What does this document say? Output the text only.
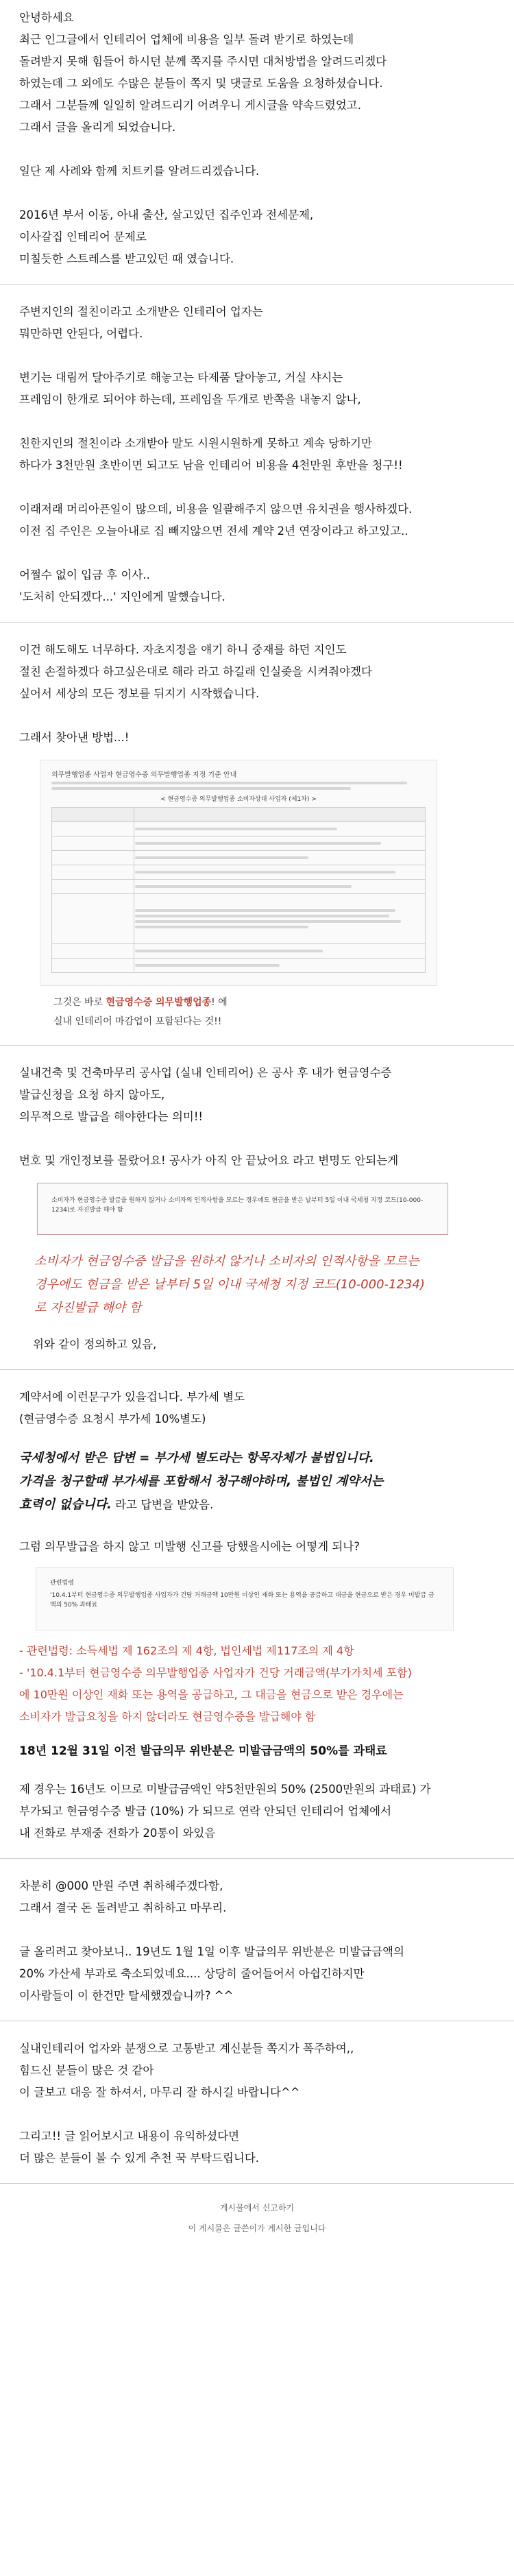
안녕하세요

최근 인그글에서 인테리어 업체에 비용을 일부 돌려 받기로 하였는데

돌려받지 못해 힘들어 하시던 분께 쪽지를 주시면 대처방법을 알려드리겠다

하였는데 그 외에도 수많은 분들이 쪽지 및 댓글로 도움을 요청하셨습니다.

그래서 그분들께 일일히 알려드리기 어려우니 게시글을 약속드렸었고.

그래서 글을 올리게 되었습니다.

일단 제 사례와 함께 치트키를 알려드리겠습니다.

2016년 부서 이동, 아내 출산, 살고있던 집주인과 전세문제,

이사갈집 인테리어 문제로

미칠듯한 스트레스를 받고있던 때 였습니다.

주변지인의 절친이라고 소개받은 인테리어 업자는

뭐만하면 안된다, 어렵다.

변기는 대림꺼 달아주기로 해놓고는 타제품 달아놓고, 거실 샤시는

프레임이 한개로 되어야 하는데, 프레임을 두개로 반쪽을 내놓지 않나,

친한지인의 절친이라 소개받아 말도 시원시원하게 못하고 계속 당하기만

하다가 3천만원 초반이면 되고도 남을 인테리어 비용을 4천만원 후반을 청구!!

이래저래 머리아픈일이 많으데, 비용을 일괄해주지 않으면 유치권을 행사하겠다.

이전 집 주인은 오늘아내로 집 빼지않으면 전세 계약 2년 연장이라고 하고있고..

어쩔수 없이 입금 후 이사..

'도처히 안되겠다...' 지인에게 말했습니다.

이건 해도해도 너무하다. 자초지정을 얘기 하니 중재를 하던 지인도

절친 손절하겠다 하고싶은대로 해라 라고 하길래 인실좆을 시켜줘야겠다

싶어서 세상의 모든 정보를 뒤지기 시작했습니다.

그래서 찾아낸 방법...!

의무발행업종 사업자 현금영수증 의무발행업종 지정 기준 안내
< 현금영수증 의무발행업종 소비자상대 사업자 (제1차) >

그것은 바로 현금영수증 의무발행업종! 에

실내 인테리어 마감업이 포함된다는 것!!

실내건축 및 건축마무리 공사업 (실내 인테리어) 은 공사 후 내가 현금영수증

발급신청을 요청 하지 않아도,

의무적으로 발급을 해야한다는 의미!!

번호 및 개인정보를 몰랐어요! 공사가 아직 안 끝났어요 라고 변명도 안되는게

소비자가 현금영수증 발급을 원하지 않거나 소비자의 인적사항을 모르는 경우에도 현금을 받은 날부터 5일 이내 국세청 지정 코드(10-000-1234)로 자진발급 해야 함

소비자가 현금영수증 발급을 원하지 않거나 소비자의 인적사항을 모르는

경우에도 현금을 받은 날부터 5일 이내 국세청 지정 코드(10-000-1234)

로 자진발급 해야 함

위와 같이 정의하고 있음,

계약서에 이런문구가 있을겁니다. 부가세 별도

(현금영수증 요청시 부가세 10%별도)

국세청에서 받은 답변 = 부가세 별도라는 항목자체가 불법입니다.

가격을 청구할때 부가세를 포함해서 청구해야하며, 불법인 계약서는

효력이 없습니다. 라고 답변을 받았음.

그럼 의무발급을 하지 않고 미발행 신고를 당했을시에는 어떻게 되나?

관련법령
'10.4.1부터 현금영수증 의무발행업종 사업자가 건당 거래금액 10만원 이상인 재화 또는 용역을 공급하고 대금을 현금으로 받은 경우 미발급 금액의 50% 과태료

- 관련법령: 소득세법 제 162조의 제 4항, 법인세법 제117조의 제 4항

- '10.4.1부터 현금영수증 의무발행업종 사업자가 건당 거래금액(부가가치세 포함)

에 10만원 이상인 재화 또는 용역을 공급하고, 그 대금을 현금으로 받은 경우에는

소비자가 발급요청을 하지 않더라도 현금영수증을 발급해야 함

18년 12월 31일 이전 발급의무 위반분은 미발급금액의 50%를 과태료

제 경우는 16년도 이므로 미발급금액인 약5천만원의 50% (2500만원의 과태료) 가

부가되고 현금영수증 발급 (10%) 가 되므로 연락 안되던 인테리어 업체에서

내 전화로 부재중 전화가 20통이 와있음

차분히 @000 만원 주면 취하해주겠다함,

그래서 결국 돈 돌려받고 취하하고 마무리.

글 올리려고 찾아보니.. 19년도 1월 1일 이후 발급의무 위반분은 미발급금액의

20% 가산세 부과로 축소되었네요.... 상당히 줄어들어서 아쉽긴하지만

이사람들이 이 한건만 탈세했겠습니까? ^^

실내인테리어 업자와 분쟁으로 고통받고 계신분들 쪽지가 폭주하여,,

힘드신 분들이 많은 것 같아

이 글보고 대응 잘 하셔서, 마무리 잘 하시길 바랍니다^^

그리고!! 글 읽어보시고 내용이 유익하셨다면

더 많은 분들이 볼 수 있게 추천 꾹 부탁드립니다.

게시물에서 신고하기
이 게시물은 글쓴이가 게시한 글입니다
